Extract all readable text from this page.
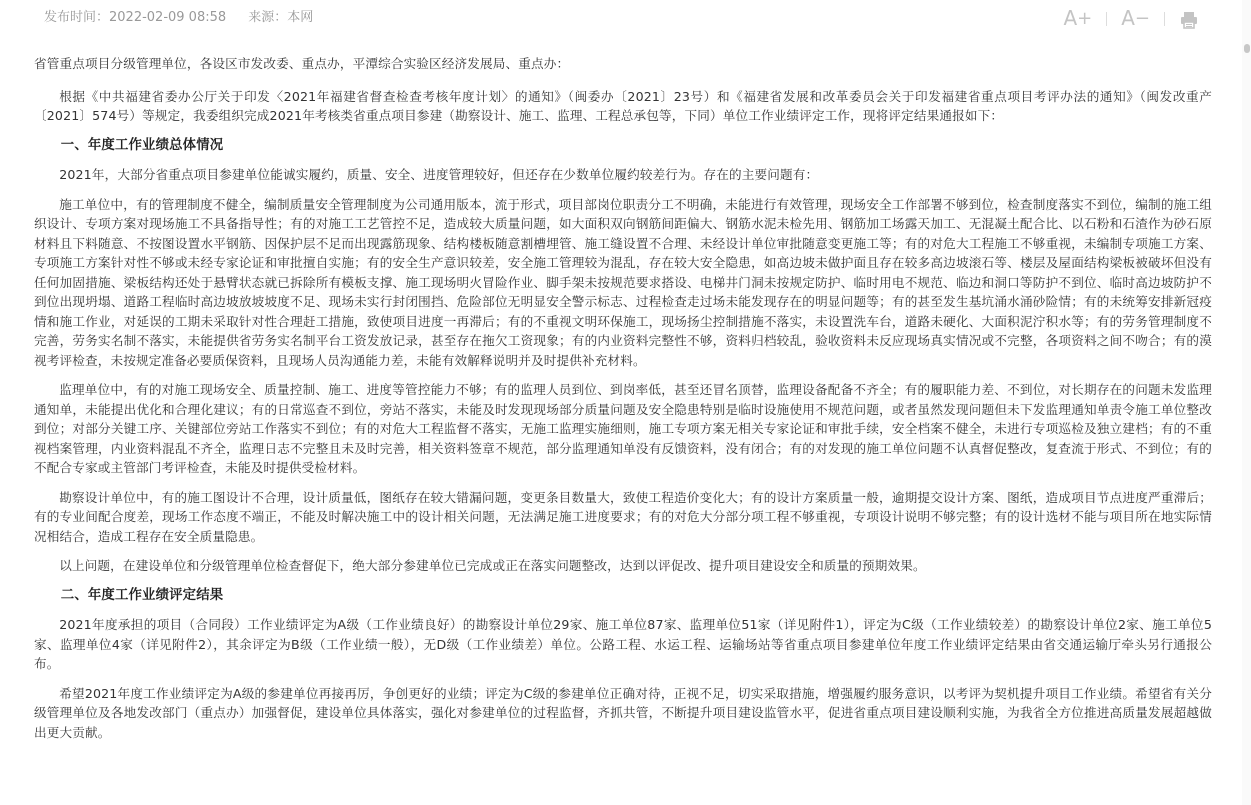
发布时间：2022-02-09 08:58 来源：本网	A+	A−

省管重点项目分级管理单位，各设区市发改委、重点办，平潭综合实验区经济发展局、重点办：

根据《中共福建省委办公厅关于印发〈2021年福建省督查检查考核年度计划〉的通知》（闽委办〔2021〕23号）和《福建省发展和改革委员会关于印发福建省重点项目考评办法的通知》（闽发改重产〔2021〕574号）等规定，我委组织完成2021年考核类省重点项目参建（勘察设计、施工、监理、工程总承包等，下同）单位工作业绩评定工作，现将评定结果通报如下：

一、年度工作业绩总体情况

2021年，大部分省重点项目参建单位能诚实履约，质量、安全、进度管理较好，但还存在少数单位履约较差行为。存在的主要问题有：

施工单位中，有的管理制度不健全，编制质量安全管理制度为公司通用版本，流于形式，项目部岗位职责分工不明确，未能进行有效管理，现场安全工作部署不够到位，检查制度落实不到位，编制的施工组织设计、专项方案对现场施工不具备指导性；有的对施工工艺管控不足，造成较大质量问题，如大面积双向钢筋间距偏大、钢筋水泥未检先用、钢筋加工场露天加工、无混凝土配合比、以石粉和石渣作为砂石原材料且下料随意、不按图设置水平钢筋、因保护层不足而出现露筋现象、结构楼板随意割槽埋管、施工缝设置不合理、未经设计单位审批随意变更施工等；有的对危大工程施工不够重视，未编制专项施工方案、专项施工方案针对性不够或未经专家论证和审批擅自实施；有的安全生产意识较差，安全施工管理较为混乱，存在较大安全隐患，如高边坡未做护面且存在较多高边坡滚石等、楼层及屋面结构梁板被破坏但没有任何加固措施、梁板结构还处于悬臂状态就已拆除所有模板支撑、施工现场明火冒险作业、脚手架未按规范要求搭设、电梯井门洞未按规定防护、临时用电不规范、临边和洞口等防护不到位、临时高边坡防护不到位出现坍塌、道路工程临时高边坡放坡坡度不足、现场未实行封闭围挡、危险部位无明显安全警示标志、过程检查走过场未能发现存在的明显问题等；有的甚至发生基坑涌水涌砂险情；有的未统筹安排新冠疫情和施工作业，对延误的工期未采取针对性合理赶工措施，致使项目进度一再滞后；有的不重视文明环保施工，现场扬尘控制措施不落实，未设置洗车台，道路未硬化、大面积泥泞积水等；有的劳务管理制度不完善，劳务实名制不落实，未能提供省劳务实名制平台工资发放记录，甚至存在拖欠工资现象；有的内业资料完整性不够，资料归档较乱，验收资料未反应现场真实情况或不完整，各项资料之间不吻合；有的漠视考评检查，未按规定准备必要质保资料，且现场人员沟通能力差，未能有效解释说明并及时提供补充材料。

监理单位中，有的对施工现场安全、质量控制、施工、进度等管控能力不够；有的监理人员到位、到岗率低，甚至还冒名顶替，监理设备配备不齐全；有的履职能力差、不到位，对长期存在的问题未发监理通知单，未能提出优化和合理化建议；有的日常巡查不到位，旁站不落实，未能及时发现现场部分质量问题及安全隐患特别是临时设施使用不规范问题，或者虽然发现问题但未下发监理通知单责令施工单位整改到位；对部分关键工序、关键部位旁站工作落实不到位；有的对危大工程监督不落实，无施工监理实施细则，施工专项方案无相关专家论证和审批手续，安全档案不健全，未进行专项巡检及独立建档；有的不重视档案管理，内业资料混乱不齐全，监理日志不完整且未及时完善，相关资料签章不规范，部分监理通知单没有反馈资料，没有闭合；有的对发现的施工单位问题不认真督促整改，复查流于形式、不到位；有的不配合专家或主管部门考评检查，未能及时提供受检材料。

勘察设计单位中，有的施工图设计不合理，设计质量低，图纸存在较大错漏问题，变更条目数量大，致使工程造价变化大；有的设计方案质量一般，逾期提交设计方案、图纸，造成项目节点进度严重滞后；有的专业间配合度差，现场工作态度不端正，不能及时解决施工中的设计相关问题，无法满足施工进度要求；有的对危大分部分项工程不够重视，专项设计说明不够完整；有的设计选材不能与项目所在地实际情况相结合，造成工程存在安全质量隐患。

以上问题，在建设单位和分级管理单位检查督促下，绝大部分参建单位已完成或正在落实问题整改，达到以评促改、提升项目建设安全和质量的预期效果。

二、年度工作业绩评定结果

2021年度承担的项目（合同段）工作业绩评定为A级（工作业绩良好）的勘察设计单位29家、施工单位87家、监理单位51家（详见附件1），评定为C级（工作业绩较差）的勘察设计单位2家、施工单位5家、监理单位4家（详见附件2），其余评定为B级（工作业绩一般），无D级（工作业绩差）单位。公路工程、水运工程、运输场站等省重点项目参建单位年度工作业绩评定结果由省交通运输厅牵头另行通报公布。

希望2021年度工作业绩评定为A级的参建单位再接再厉，争创更好的业绩；评定为C级的参建单位正确对待，正视不足，切实采取措施，增强履约服务意识，以考评为契机提升项目工作业绩。希望省有关分级管理单位及各地发改部门（重点办）加强督促，建设单位具体落实，强化对参建单位的过程监督，齐抓共管，不断提升项目建设监管水平，促进省重点项目建设顺利实施，为我省全方位推进高质量发展超越做出更大贡献。
